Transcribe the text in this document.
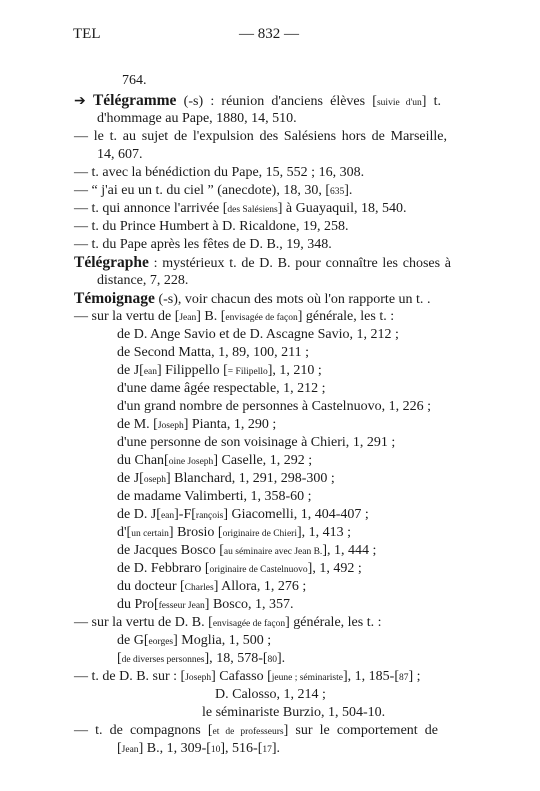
TEL	— 832 —
764.
➔ Télégramme (-s) : réunion d'anciens élèves [suivie d'un] t.
d'hommage au Pape, 1880, 14, 510.
— le t. au sujet de l'expulsion des Salésiens hors de Marseille,
14, 607.
— t. avec la bénédiction du Pape, 15, 552 ; 16, 308.
— “ j'ai eu un t. du ciel ” (anecdote), 18, 30, [635].
— t. qui annonce l'arrivée [des Salésiens] à Guayaquil, 18, 540.
— t. du Prince Humbert à D. Ricaldone, 19, 258.
— t. du Pape après les fêtes de D. B., 19, 348.
Télégraphe : mystérieux t. de D. B. pour connaître les choses à
distance, 7, 228.
Témoignage (-s), voir chacun des mots où l'on rapporte un t. .
— sur la vertu de [Jean] B. [envisagée de façon] générale, les t. :
de D. Ange Savio et de D. Ascagne Savio, 1, 212 ;
de Second Matta, 1, 89, 100, 211 ;
de J[ean] Filippello [= Filipello], 1, 210 ;
d'une dame âgée respectable, 1, 212 ;
d'un grand nombre de personnes à Castelnuovo, 1, 226 ;
de M. [Joseph] Pianta, 1, 290 ;
d'une personne de son voisinage à Chieri, 1, 291 ;
du Chan[oine Joseph] Caselle, 1, 292 ;
de J[oseph] Blanchard, 1, 291, 298-300 ;
de madame Valimberti, 1, 358-60 ;
de D. J[ean]-F[rançois] Giacomelli, 1, 404-407 ;
d'[un certain] Brosio [originaire de Chieri], 1, 413 ;
de Jacques Bosco [au séminaire avec Jean B.], 1, 444 ;
de D. Febbraro [originaire de Castelnuovo], 1, 492 ;
du docteur [Charles] Allora, 1, 276 ;
du Pro[fesseur Jean] Bosco, 1, 357.
— sur la vertu de D. B. [envisagée de façon] générale, les t. :
de G[eorges] Moglia, 1, 500 ;
[de diverses personnes], 18, 578-[80].
— t. de D. B. sur : [Joseph] Cafasso [jeune ; séminariste], 1, 185-[87] ;
D. Calosso, 1, 214 ;
le séminariste Burzio, 1, 504-10.
— t. de compagnons [et de professeurs] sur le comportement de
[Jean] B., 1, 309-[10], 516-[17].
